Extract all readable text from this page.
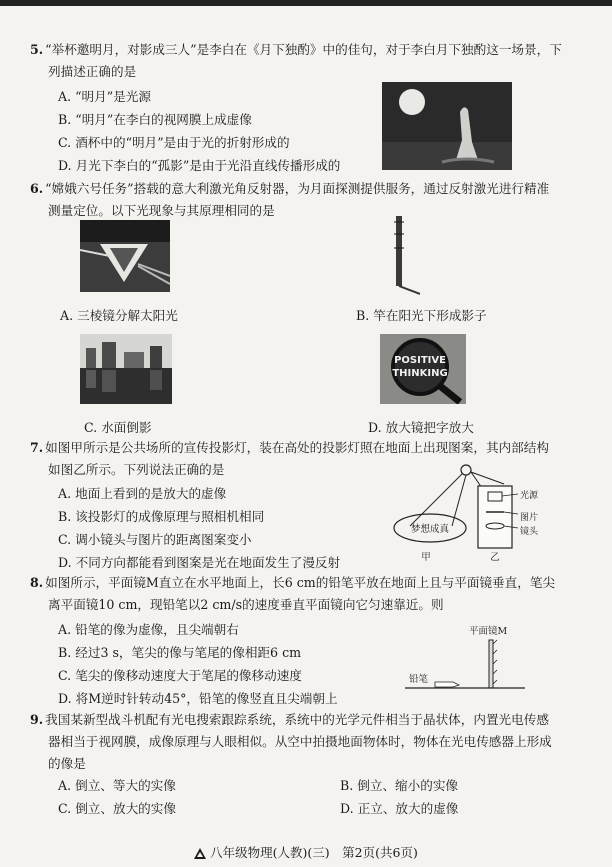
5. “举杯邀明月，对影成三人”是李白在《月下独酌》中的佳句，对于李白月下独酌这一场景，下
列描述正确的是
A. “明月”是光源
B. “明月”在李白的视网膜上成虚像
C. 酒杯中的“明月”是由于光的折射形成的
D. 月光下李白的“孤影”是由于光沿直线传播形成的
6. “嫦娥六号任务”搭载的意大利激光角反射器，为月面探测提供服务，通过反射激光进行精准
测量定位。以下光现象与其原理相同的是
A. 三棱镜分解太阳光	B. 竿在阳光下形成影子
C. 水面倒影
POSITIVE
THINKING
D. 放大镜把字放大
7. 如图甲所示是公共场所的宣传投影灯，装在高处的投影灯照在地面上出现图案，其内部结构
如图乙所示。下列说法正确的是
A. 地面上看到的是放大的虚像
B. 该投影灯的成像原理与照相机相同
C. 调小镜头与图片的距离图案变小
D. 不同方向都能看到图案是光在地面发生了漫反射
梦想成真
甲
光源
图片
镜头
乙
8. 如图所示，平面镜M直立在水平地面上，长6 cm的铅笔平放在地面上且与平面镜垂直，笔尖
离平面镜10 cm，现铅笔以2 cm/s的速度垂直平面镜向它匀速靠近。则
A. 铅笔的像为虚像，且尖端朝右
B. 经过3 s，笔尖的像与笔尾的像相距6 cm
C. 笔尖的像移动速度大于笔尾的像移动速度
D. 将M逆时针转动45°，铅笔的像竖直且尖端朝上
平面镜M
铅笔
9. 我国某新型战斗机配有光电搜索跟踪系统，系统中的光学元件相当于晶状体，内置光电传感
器相当于视网膜，成像原理与人眼相似。从空中拍摄地面物体时，物体在光电传感器上形成
的像是
A. 倒立、等大的实像	B. 倒立、缩小的实像
C. 倒立、放大的实像	D. 正立、放大的虚像
八年级物理(人教)(三)　第2页(共6页)
